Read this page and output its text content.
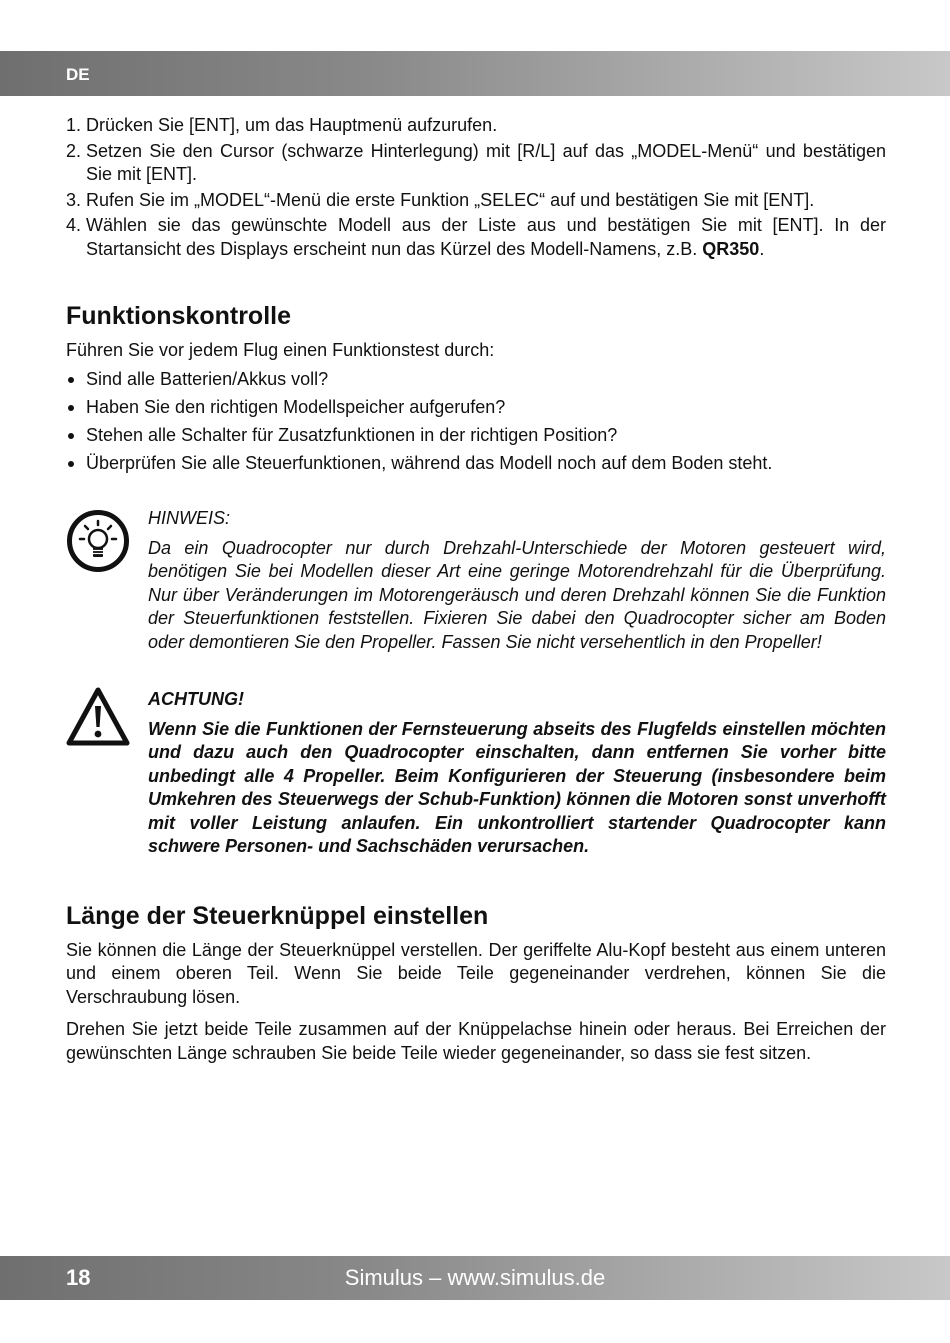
DE
1. Drücken Sie [ENT], um das Hauptmenü aufzurufen.
2. Setzen Sie den Cursor (schwarze Hinterlegung) mit [R/L] auf das „MODEL-Menü“ und bestätigen Sie mit [ENT].
3. Rufen Sie im „MODEL“-Menü die erste Funktion „SELEC“ auf und bestätigen Sie mit [ENT].
4. Wählen sie das gewünschte Modell aus der Liste aus und bestätigen Sie mit [ENT]. In der Startansicht des Displays erscheint nun das Kürzel des Modell-Namens, z.B. QR350.
Funktionskontrolle

Führen Sie vor jedem Flug einen Funktionstest durch:

Sind alle Batterien/Akkus voll?
Haben Sie den richtigen Modellspeicher aufgerufen?
Stehen alle Schalter für Zusatzfunktionen in der richtigen Position?
Überprüfen Sie alle Steuerfunktionen, während das Modell noch auf dem Boden steht.
HINWEIS:

Da ein Quadrocopter nur durch Drehzahl-Unterschiede der Motoren gesteuert wird, benötigen Sie bei Modellen dieser Art eine geringe Motorendrehzahl für die Überprüfung. Nur über Veränderungen im Motorengeräusch und deren Drehzahl können Sie die Funktion der Steuerfunktionen feststellen. Fixieren Sie dabei den Quadrocopter sicher am Boden oder demontieren Sie den Propeller. Fassen Sie nicht versehentlich in den Propeller!

ACHTUNG!

Wenn Sie die Funktionen der Fernsteuerung abseits des Flugfelds einstellen möchten und dazu auch den Quadrocopter einschalten, dann entfernen Sie vorher bitte unbedingt alle 4 Propeller. Beim Konfigurieren der Steuerung (insbesondere beim Umkehren des Steuerwegs der Schub-Funktion) können die Motoren sonst unverhofft mit voller Leistung anlaufen. Ein unkontrolliert startender Quadrocopter kann schwere Personen- und Sachschäden verursachen.

Länge der Steuerknüppel einstellen

Sie können die Länge der Steuerknüppel verstellen. Der geriffelte Alu-Kopf besteht aus einem unteren und einem oberen Teil. Wenn Sie beide Teile gegeneinander verdrehen, können Sie die Verschraubung lösen.

Drehen Sie jetzt beide Teile zusammen auf der Knüppelachse hinein oder heraus. Bei Erreichen der gewünschten Länge schrauben Sie beide Teile wieder gegeneinander, so dass sie fest sitzen.

18	Simulus – www.simulus.de
